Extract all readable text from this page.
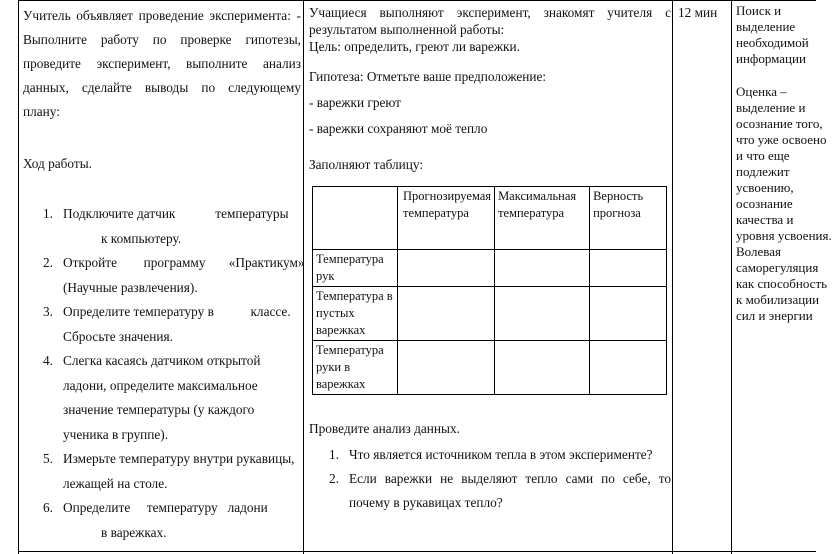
Учитель объявляет проведение эксперимента: - Выполните работу по проверке гипотезы, проведите эксперимент, выполните анализ данных, сделайте выводы по следующему плану:

Ход работы.

1. Подключите датчик            температуры
к компьютеру.
2. Откройте        программу       «Практикум»
(Научные развлечения).
3. Определите температуру в           классе.
Сбросьте значения.
4. Слегка касаясь датчиком открытой
ладони, определите максимальное
значение температуры (у каждого
ученика в группе).
5. Измерьте температуру внутри рукавицы,
лежащей на столе.
6. Определите     температуру   ладони
в варежках.

Учащиеся выполняют эксперимент, знакомят учителя с результатом выполненной работы:

Цель: определить, греют ли варежки.

Гипотеза: Отметьте ваше предположение:

- варежки греют

- варежки сохраняют моё тепло

Заполняют таблицу:

	Прогнозируемая температура	Максимальная температура	Верность прогноза
Температура рук			
Температура в пустых варежках			
Температура руки в варежках			

Проведите анализ данных.

1. Что является источником тепла в этом эксперименте?
2. Если варежки не выделяют тепло сами по себе, то почему в рукавицах тепло?

12 мин	Поиск и выделение необходимой информации

Оценка – выделение и осознание того, что уже освоено и что еще подлежит усвоению, осознание качества и уровня усвоения. Волевая саморегуляция как способность к мобилизации сил и энергии
